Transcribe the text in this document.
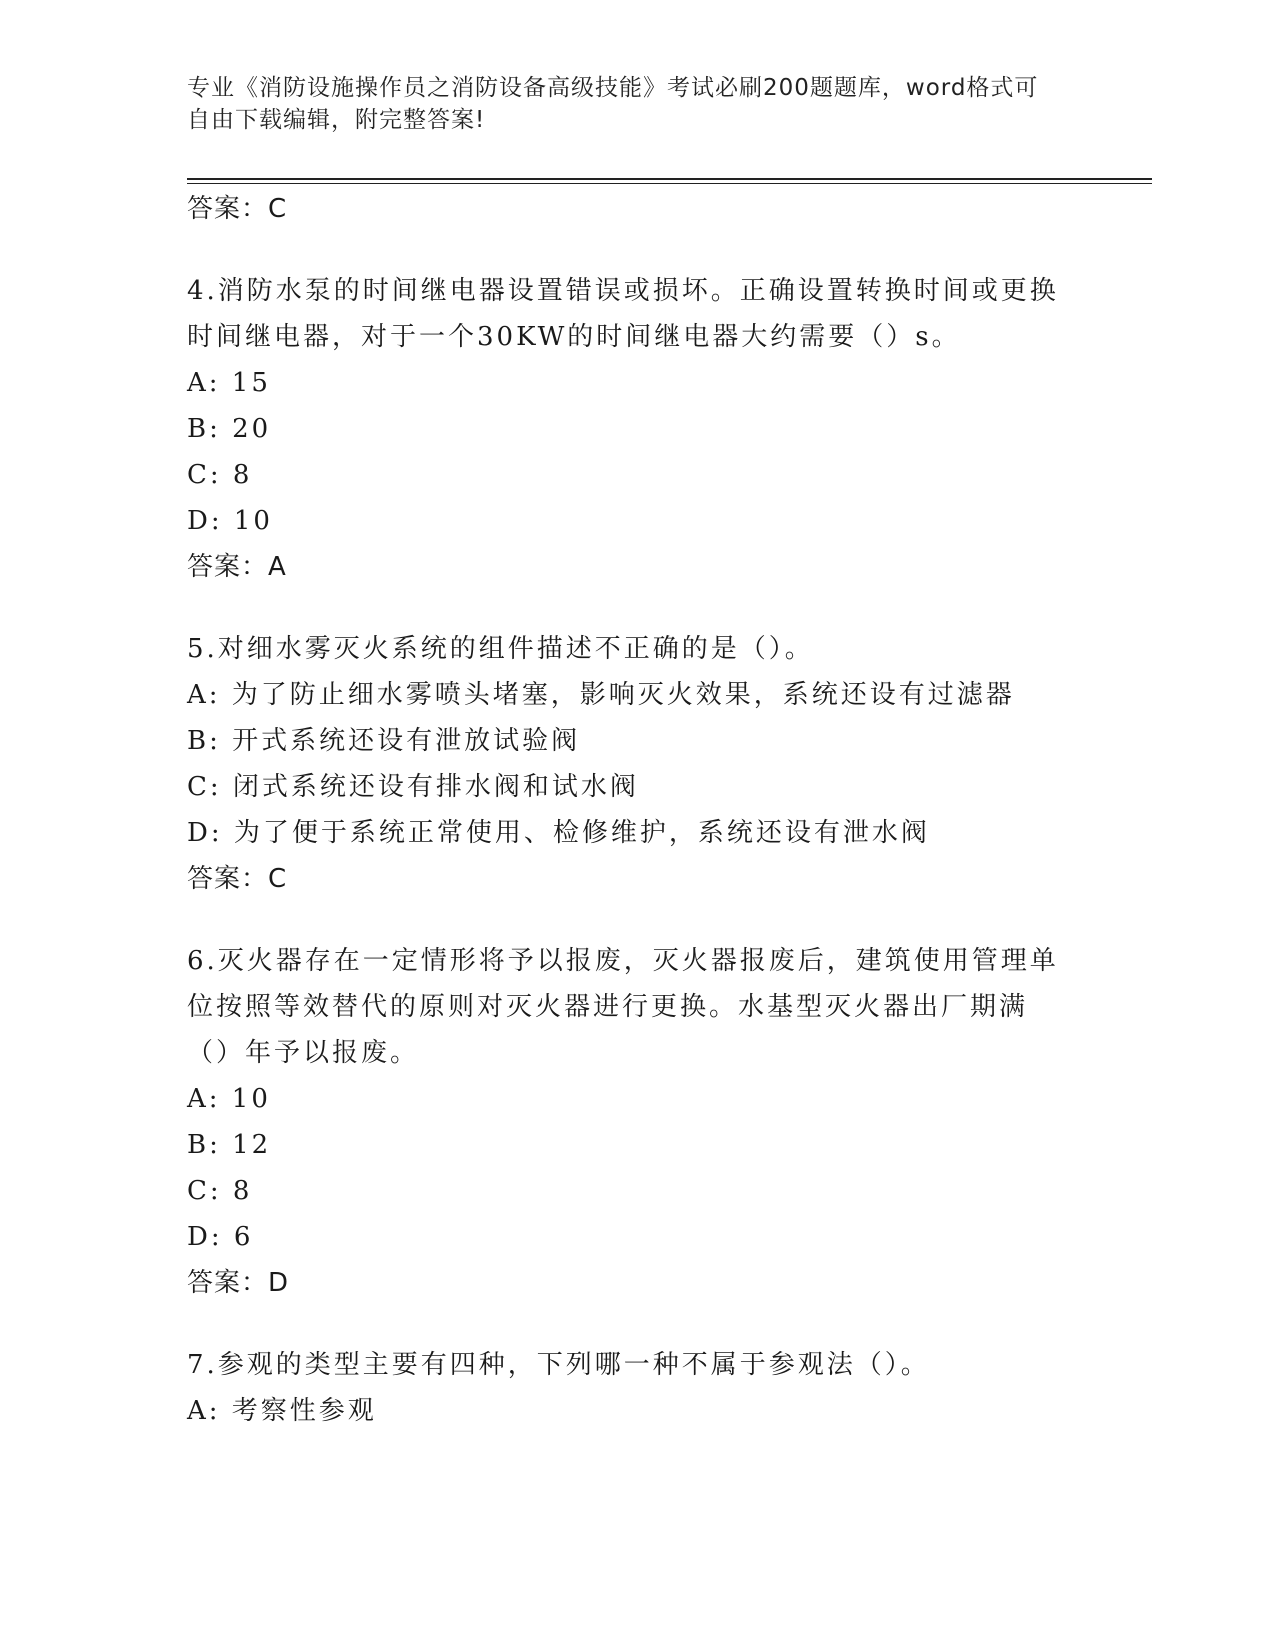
专业《消防设施操作员之消防设备高级技能》考试必刷200题题库，word格式可
自由下载编辑，附完整答案!
答案：C
4.消防水泵的时间继电器设置错误或损坏。正确设置转换时间或更换时间继电器，对于一个30KW的时间继电器大约需要（）s。
A: 15
B: 20
C: 8
D: 10
答案：A
5.对细水雾灭火系统的组件描述不正确的是（）。
A: 为了防止细水雾喷头堵塞，影响灭火效果，系统还设有过滤器
B: 开式系统还设有泄放试验阀
C: 闭式系统还设有排水阀和试水阀
D: 为了便于系统正常使用、检修维护，系统还设有泄水阀
答案：C
6.灭火器存在一定情形将予以报废，灭火器报废后，建筑使用管理单位按照等效替代的原则对灭火器进行更换。水基型灭火器出厂期满（）年予以报废。
A: 10
B: 12
C: 8
D: 6
答案：D
7.参观的类型主要有四种，下列哪一种不属于参观法（）。
A: 考察性参观
